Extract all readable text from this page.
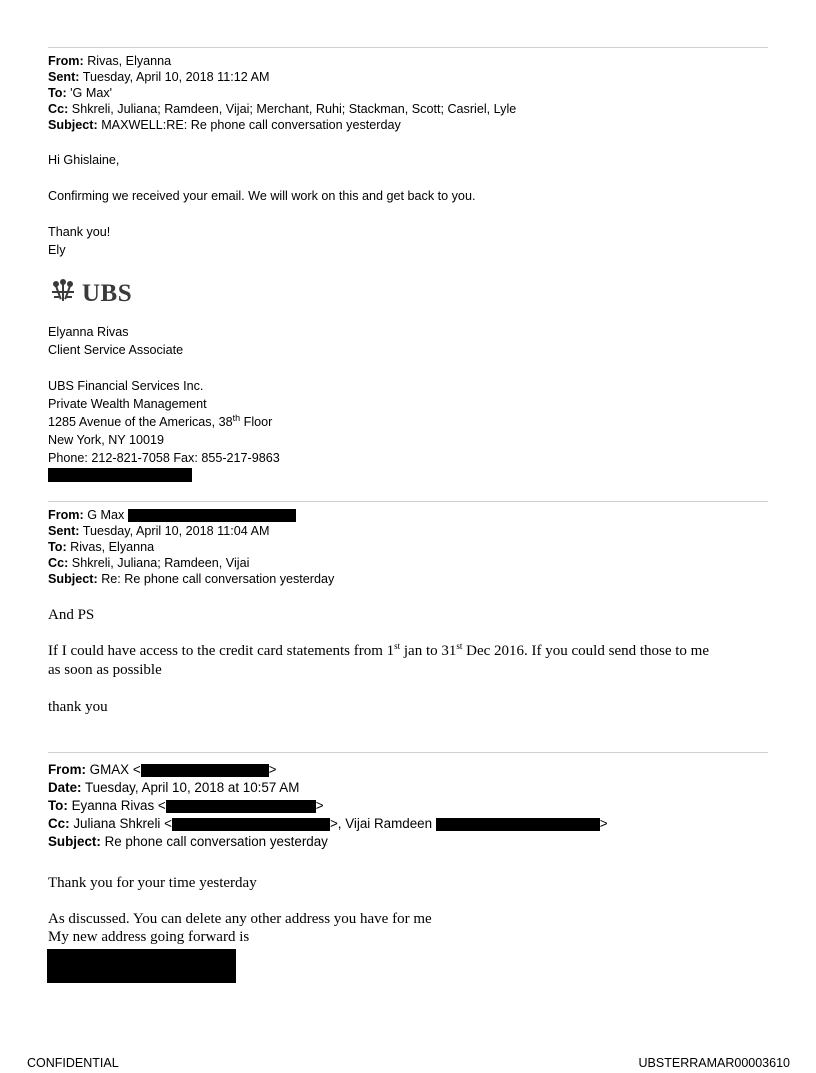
From: Rivas, Elyanna
Sent: Tuesday, April 10, 2018 11:12 AM
To: 'G Max'
Cc: Shkreli, Juliana; Ramdeen, Vijai; Merchant, Ruhi; Stackman, Scott; Casriel, Lyle
Subject: MAXWELL:RE: Re phone call conversation yesterday
Hi Ghislaine,
Confirming we received your email. We will work on this and get back to you.
Thank you!
Ely
UBS
Elyanna Rivas
Client Service Associate
UBS Financial Services Inc.
Private Wealth Management
1285 Avenue of the Americas, 38th Floor
New York, NY 10019
Phone: 212-821-7058 Fax: 855-217-9863
From: G Max
Sent: Tuesday, April 10, 2018 11:04 AM
To: Rivas, Elyanna
Cc: Shkreli, Juliana; Ramdeen, Vijai
Subject: Re: Re phone call conversation yesterday
And PS
If I could have access to the credit card statements from 1st jan to 31st Dec 2016. If you could send those to me
as soon as possible
thank you
From: GMAX <	>
Date: Tuesday, April 10, 2018 at 10:57 AM
To: Eyanna Rivas <	>
Cc: Juliana Shkreli <	>, Vijai Ramdeen	>
Subject: Re phone call conversation yesterday
Thank you for your time yesterday
As discussed. You can delete any other address you have for me
My new address going forward is
CONFIDENTIAL	UBSTERRAMAR00003610
